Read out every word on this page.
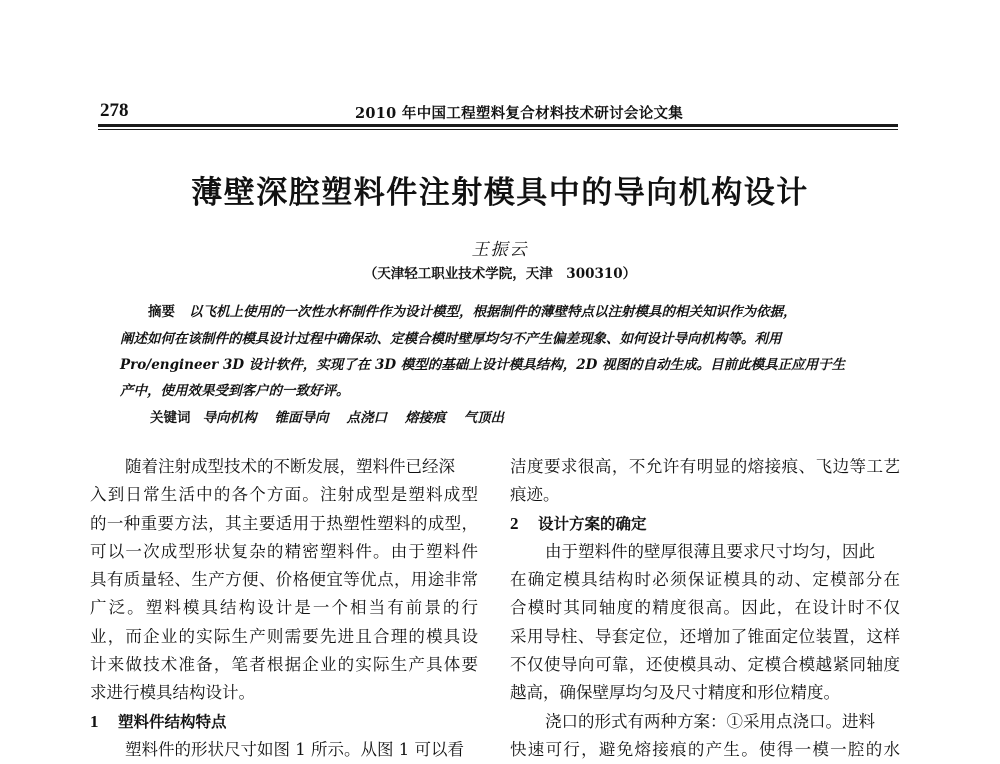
278	2010 年中国工程塑料复合材料技术研讨会论文集
薄壁深腔塑料件注射模具中的导向机构设计
王振云
（天津轻工职业技术学院，天津　300310）
摘要 以飞机上使用的一次性水杯制件作为设计模型，根据制件的薄壁特点以注射模具的相关知识作为依据，
阐述如何在该制件的模具设计过程中确保动、定模合模时壁厚均匀不产生偏差现象、如何设计导向机构等。利用
Pro/engineer 3D 设计软件，实现了在 3D 模型的基础上设计模具结构，2D 视图的自动生成。目前此模具正应用于生
产中，使用效果受到客户的一致好评。
关键词 导向机构 锥面导向 点浇口 熔接痕 气顶出
随着注射成型技术的不断发展，塑料件已经深
入到日常生活中的各个方面。注射成型是塑料成型
的一种重要方法，其主要适用于热塑性塑料的成型，
可以一次成型形状复杂的精密塑料件。由于塑料件
具有质量轻、生产方便、价格便宜等优点，用途非常
广泛。塑料模具结构设计是一个相当有前景的行
业，而企业的实际生产则需要先进且合理的模具设
计来做技术准备，笔者根据企业的实际生产具体要
求进行模具结构设计。
1 塑料件结构特点
塑料件的形状尺寸如图 1 所示。从图 1 可以看
洁度要求很高，不允许有明显的熔接痕、飞边等工艺
痕迹。
2 设计方案的确定
由于塑料件的壁厚很薄且要求尺寸均匀，因此
在确定模具结构时必须保证模具的动、定模部分在
合模时其同轴度的精度很高。因此，在设计时不仅
采用导柱、导套定位，还增加了锥面定位装置，这样
不仅使导向可靠，还使模具动、定模合模越紧同轴度
越高，确保壁厚均匀及尺寸精度和形位精度。
浇口的形式有两种方案：①采用点浇口。进料
快速可行，避免熔接痕的产生。使得一模一腔的水
